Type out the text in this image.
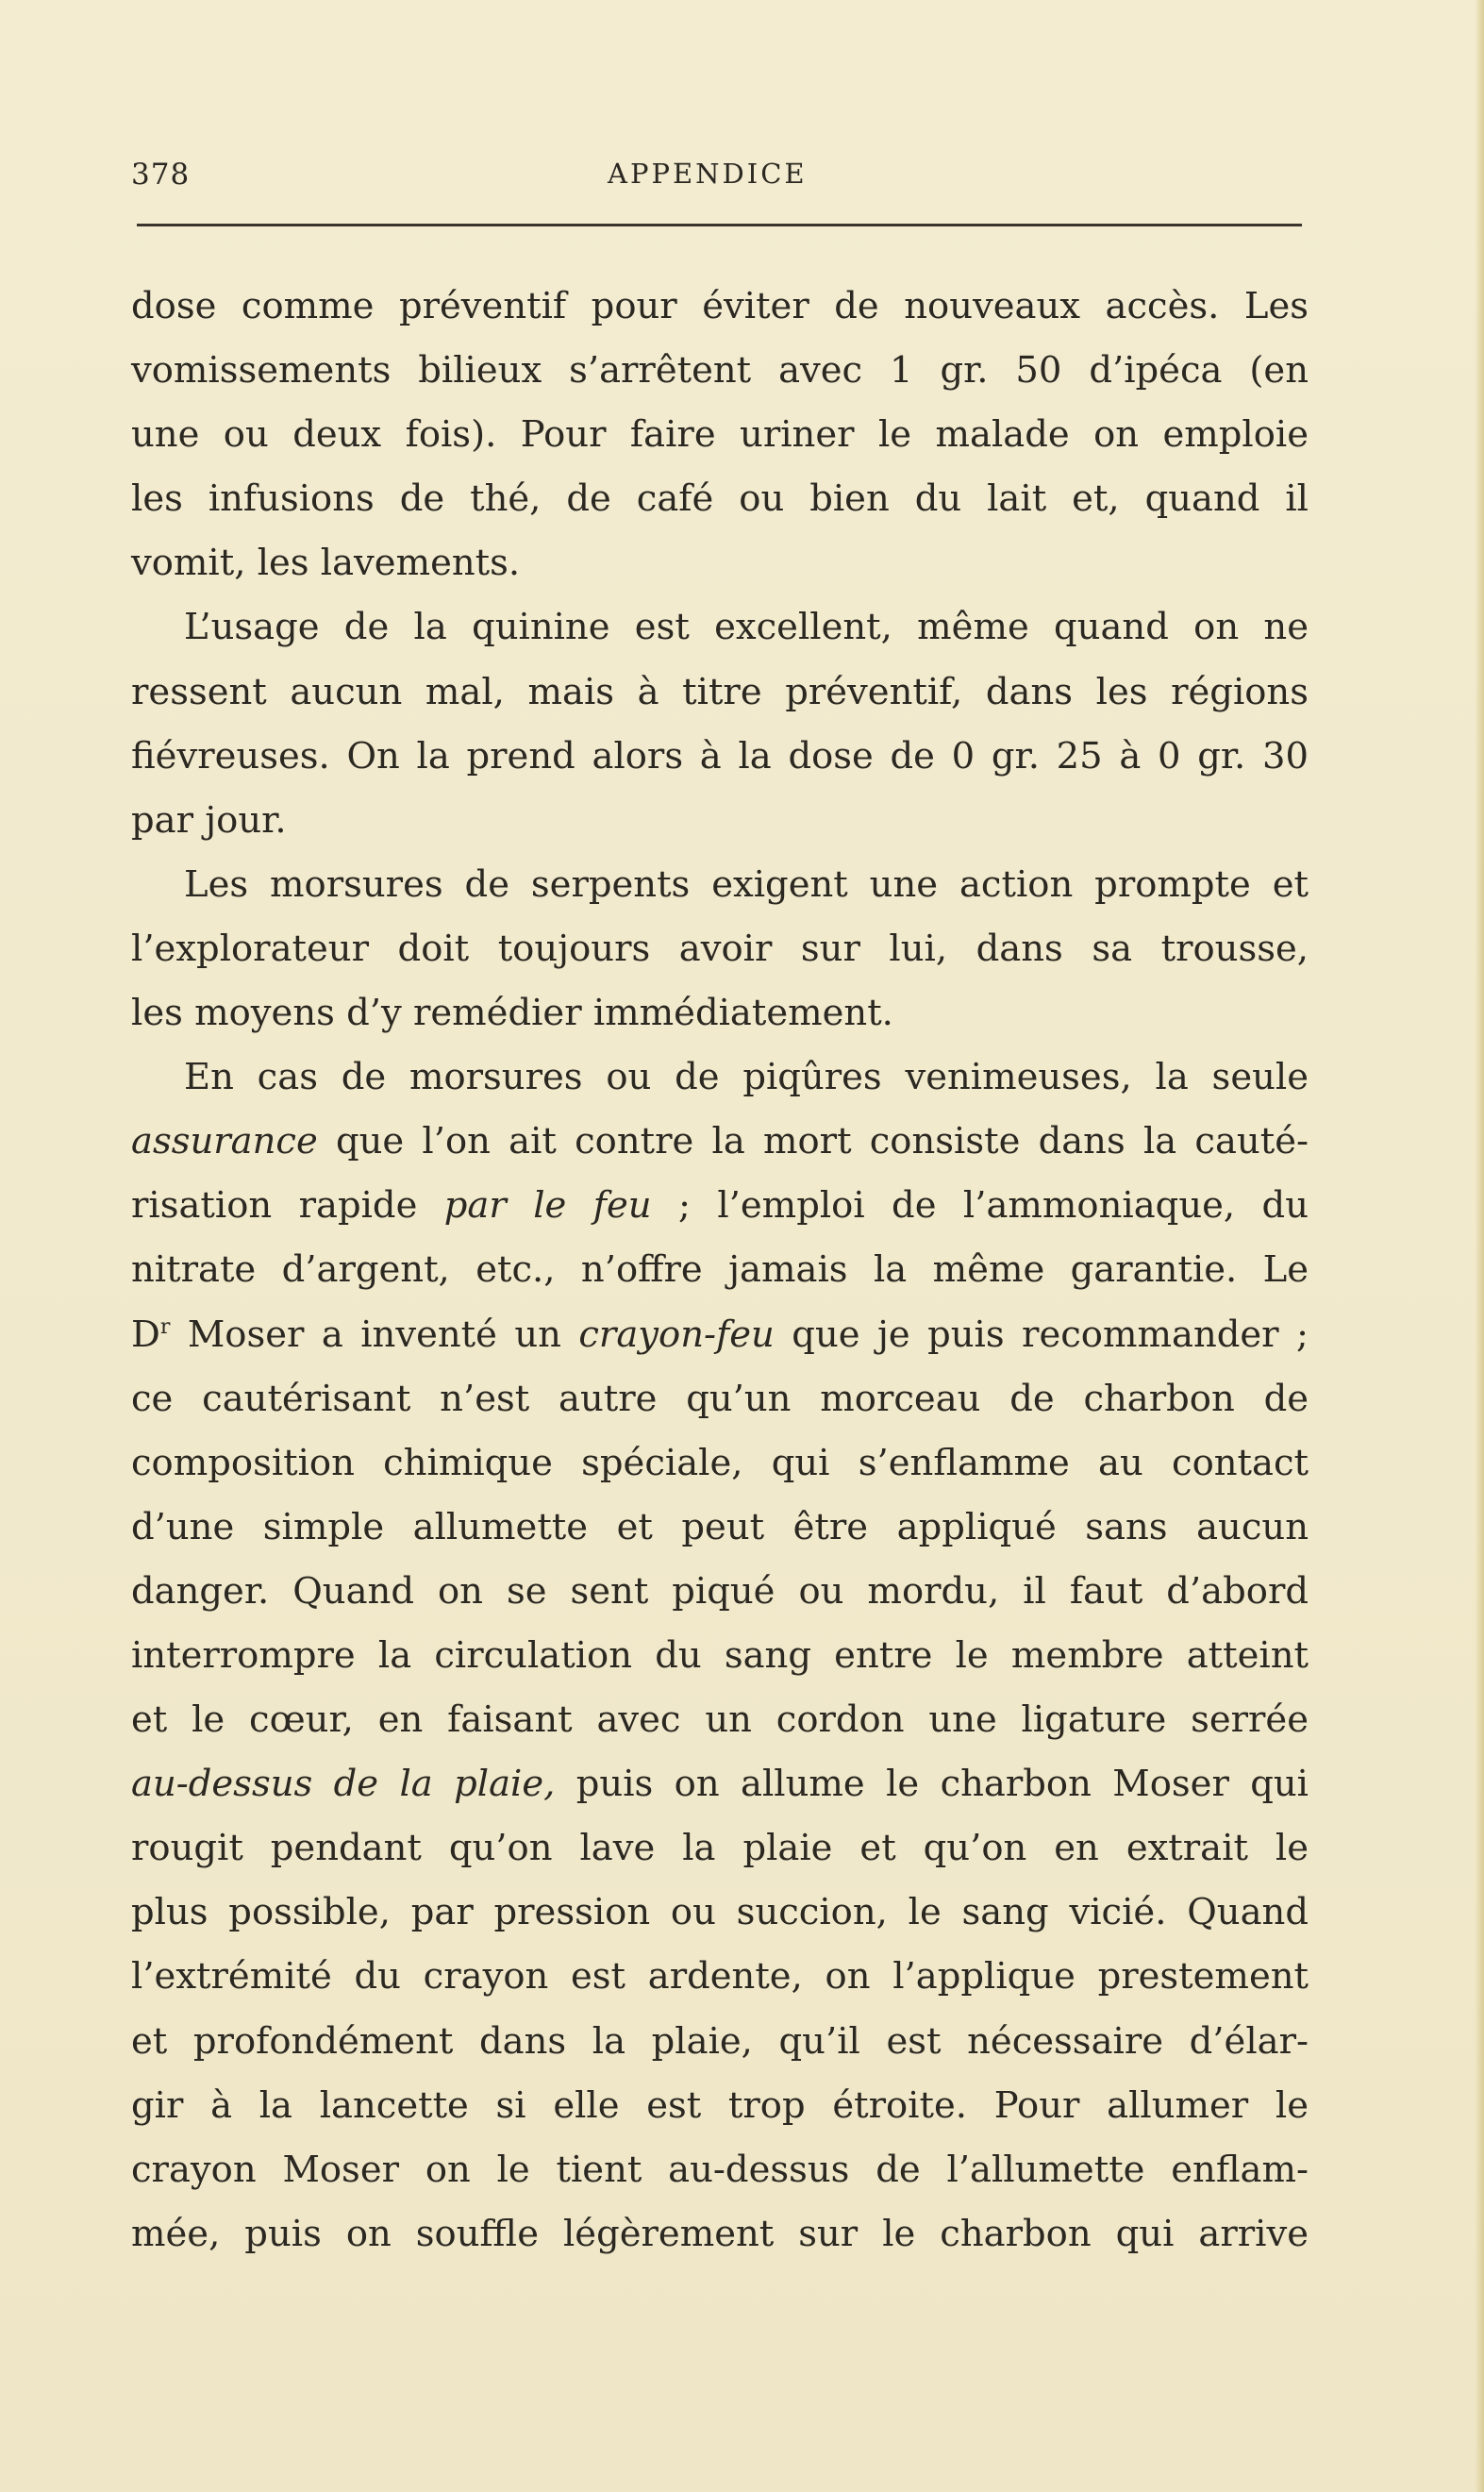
378	APPENDICE
dose comme préventif pour éviter de nouveaux accès. Les
vomissements bilieux s’arrêtent avec 1 gr. 50 d’ipéca (en
une ou deux fois). Pour faire uriner le malade on emploie
les infusions de thé, de café ou bien du lait et, quand il
vomit, les lavements.
L’usage de la quinine est excellent, même quand on ne
ressent aucun mal, mais à titre préventif, dans les régions
fiévreuses. On la prend alors à la dose de 0 gr. 25 à 0 gr. 30
par jour.
Les morsures de serpents exigent une action prompte et
l’explorateur doit toujours avoir sur lui, dans sa trousse,
les moyens d’y remédier immédiatement.
En cas de morsures ou de piqûres venimeuses, la seule
assurance que l’on ait contre la mort consiste dans la cauté-
risation rapide par le feu ; l’emploi de l’ammoniaque, du
nitrate d’argent, etc., n’offre jamais la même garantie. Le
$D^r$ Moser a inventé un crayon-feu que je puis recommander ;
ce cautérisant n’est autre qu’un morceau de charbon de
composition chimique spéciale, qui s’enflamme au contact
d’une simple allumette et peut être appliqué sans aucun
danger. Quand on se sent piqué ou mordu, il faut d’abord
interrompre la circulation du sang entre le membre atteint
et le cœur, en faisant avec un cordon une ligature serrée
au-dessus de la plaie, puis on allume le charbon Moser qui
rougit pendant qu’on lave la plaie et qu’on en extrait le
plus possible, par pression ou succion, le sang vicié. Quand
l’extrémité du crayon est ardente, on l’applique prestement
et profondément dans la plaie, qu’il est nécessaire d’élar-
gir à la lancette si elle est trop étroite. Pour allumer le
crayon Moser on le tient au-dessus de l’allumette enflam-
mée, puis on souffle légèrement sur le charbon qui arrive
